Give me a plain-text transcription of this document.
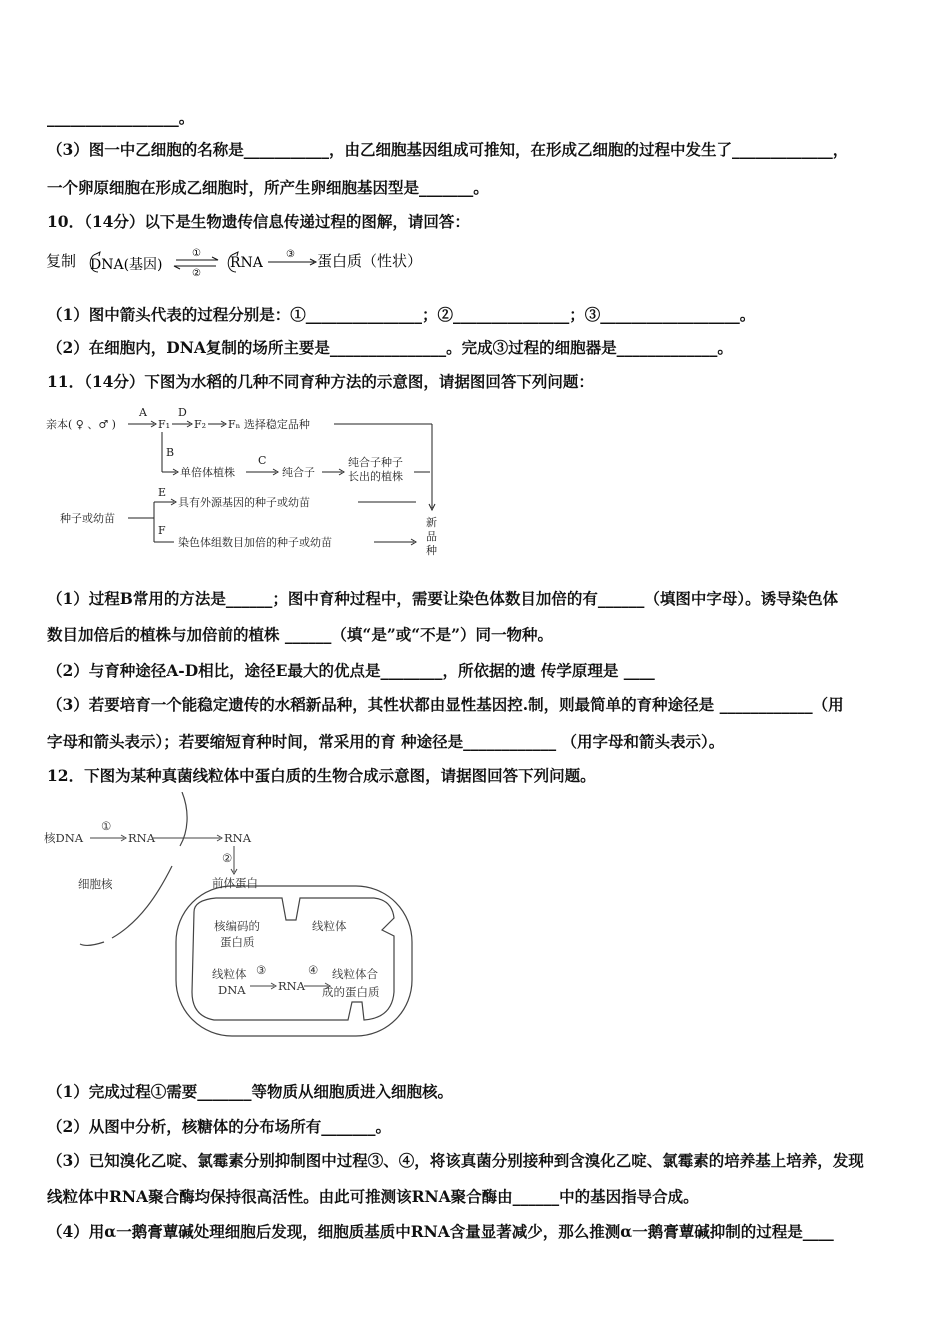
_________________。
（3）图一中乙细胞的名称是___________，由乙细胞基因组成可推知，在形成乙细胞的过程中发生了_____________，
一个卵原细胞在形成乙细胞时，所产生卵细胞基因型是_______。
10．（14分）以下是生物遗传信息传递过程的图解，请回答：
复制 DNA(基因)
①
②
RNA
③ 蛋白质（性状）
（1）图中箭头代表的过程分别是：①_______________；②_______________；③__________________。
（2）在细胞内，DNA复制的场所主要是_______________。完成③过程的细胞器是_____________。
11．（14分）下图为水稻的几种不同育种方法的示意图，请据图回答下列问题：
亲本( ♀ 、♂ )
A
F₁
D
F₂ Fₙ 选择稳定品种
B
单倍体植株
C
纯合子
纯合子种子
长出的植株
种子或幼苗
E
具有外源基因的种子或幼苗
F
染色体组数目加倍的种子或幼苗
新
品
种
（1）过程B常用的方法是______；图中育种过程中，需要让染色体数目加倍的有______（填图中字母）。诱导染色体
数目加倍后的植株与加倍前的植株 ______（填“是”或“不是”）同一物种。
（2）与育种途径A-D相比，途径E最大的优点是________，所依据的遗 传学原理是 ____
（3）若要培育一个能稳定遗传的水稻新品种，其性状都由显性基因控.制，则最简单的育种途径是 ____________（用
字母和箭头表示）；若要缩短育种时间，常采用的育 种途径是____________ （用字母和箭头表示）。
12．下图为某种真菌线粒体中蛋白质的生物合成示意图，请据图回答下列问题。
核DNA
①
RNA	RNA
②
前体蛋白
细胞核
核编码的
蛋白质
线粒体
线粒体
DNA
③
RNA
④ 线粒体合
成的蛋白质
（1）完成过程①需要_______等物质从细胞质进入细胞核。
（2）从图中分析，核糖体的分布场所有_______。
（3）已知溴化乙啶、氯霉素分别抑制图中过程③、④，将该真菌分别接种到含溴化乙啶、氯霉素的培养基上培养，发现
线粒体中RNA聚合酶均保持很高活性。由此可推测该RNA聚合酶由______中的基因指导合成。
（4）用α一鹅膏蕈碱处理细胞后发现，细胞质基质中RNA含量显著减少，那么推测α一鹅膏蕈碱抑制的过程是____
